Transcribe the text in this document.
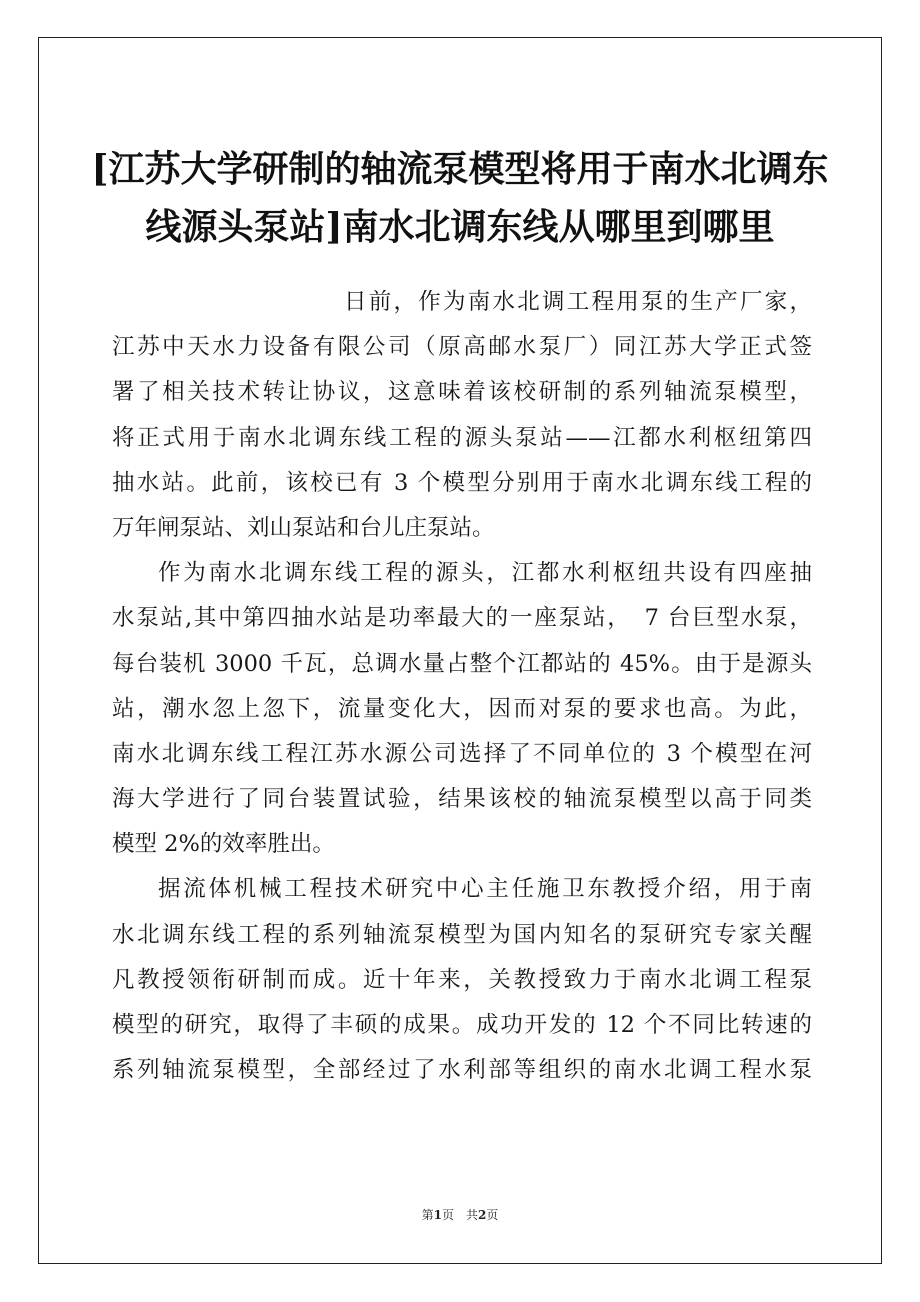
[江苏大学研制的轴流泵模型将用于南水北调东
线源头泵站]南水北调东线从哪里到哪里
日前，作为南水北调工程用泵的生产厂家，
江苏中天水力设备有限公司（原高邮水泵厂）同江苏大学正式签
署了相关技术转让协议，这意味着该校研制的系列轴流泵模型，
将正式用于南水北调东线工程的源头泵站——江都水利枢纽第四
抽水站。此前，该校已有 3 个模型分别用于南水北调东线工程的
万年闸泵站、刘山泵站和台儿庄泵站。
作为南水北调东线工程的源头，江都水利枢纽共设有四座抽
水泵站,其中第四抽水站是功率最大的一座泵站，　7 台巨型水泵，
每台装机 3000 千瓦，总调水量占整个江都站的 45%。由于是源头
站，潮水忽上忽下，流量变化大，因而对泵的要求也高。为此，
南水北调东线工程江苏水源公司选择了不同单位的 3 个模型在河
海大学进行了同台装置试验，结果该校的轴流泵模型以高于同类
模型 2%的效率胜出。
据流体机械工程技术研究中心主任施卫东教授介绍，用于南
水北调东线工程的系列轴流泵模型为国内知名的泵研究专家关醒
凡教授领衔研制而成。近十年来，关教授致力于南水北调工程泵
模型的研究，取得了丰硕的成果。成功开发的 12 个不同比转速的
系列轴流泵模型，全部经过了水利部等组织的南水北调工程水泵
第1页　共2页
